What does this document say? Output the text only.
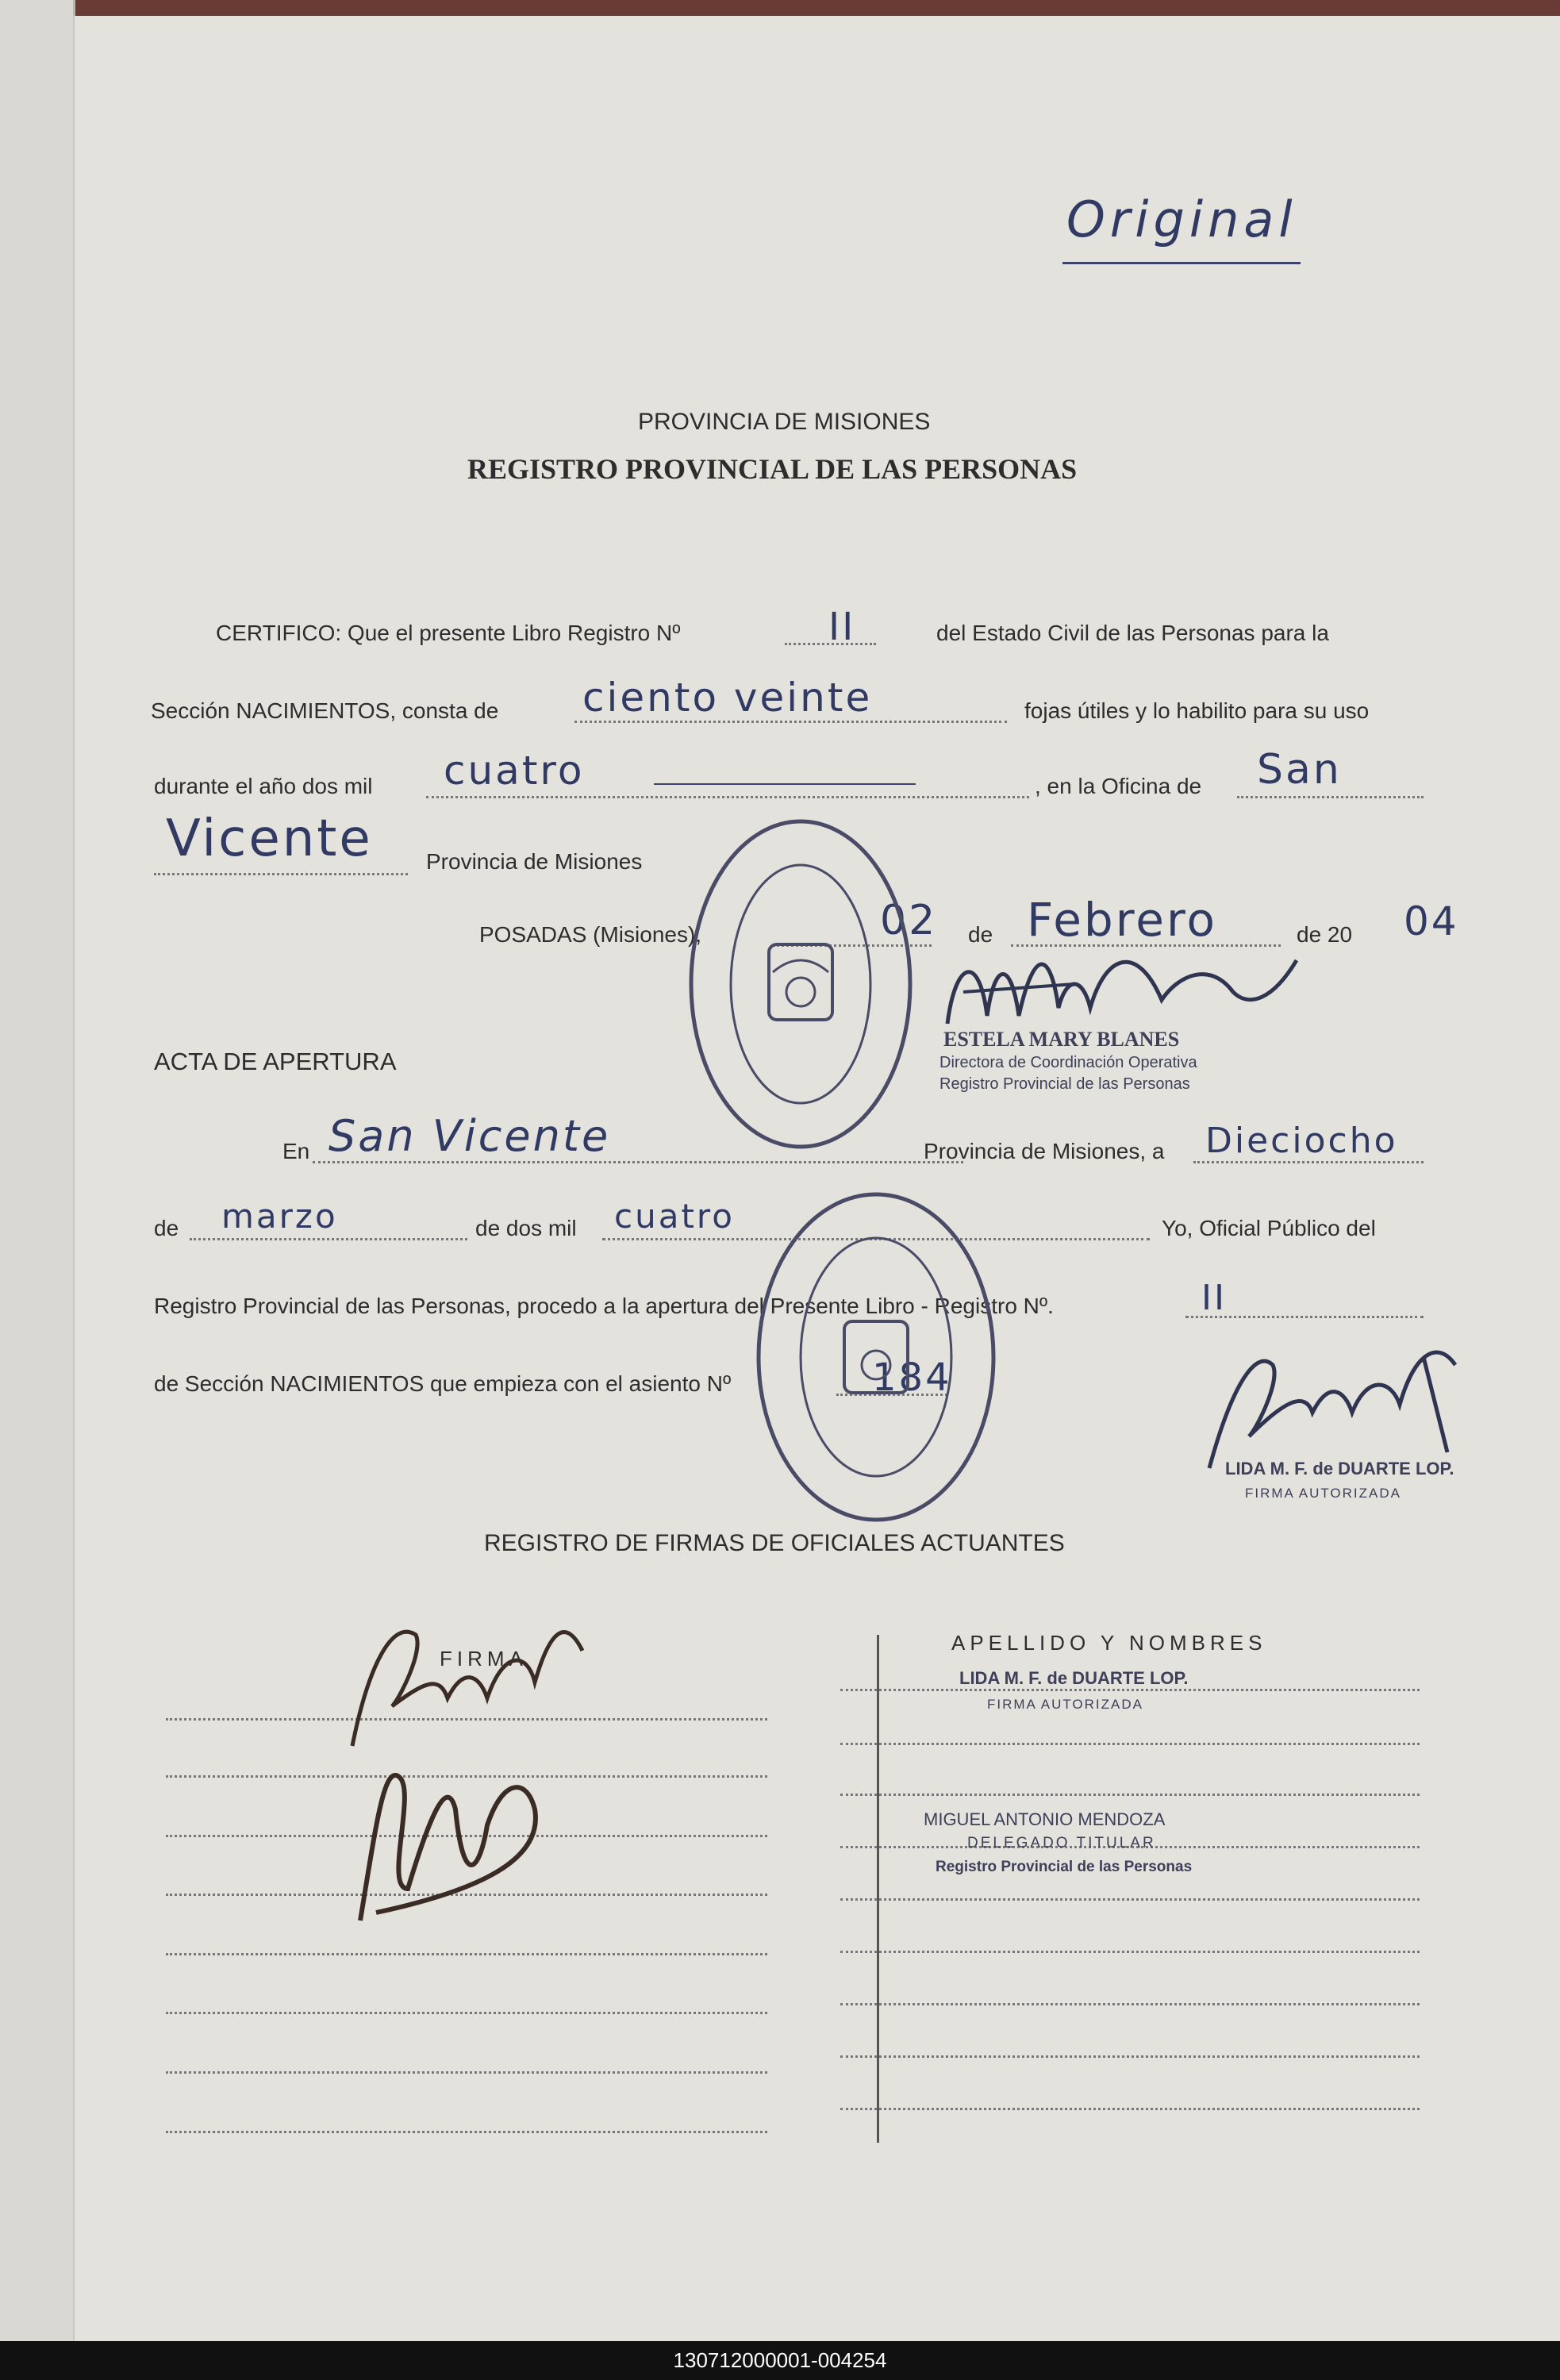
Original
PROVINCIA DE MISIONES
REGISTRO PROVINCIAL DE LAS PERSONAS
CERTIFICO: Que el presente Libro Registro Nº	II	del Estado Civil de las Personas para la
Sección NACIMIENTOS, consta de ciento veinte	fojas útiles y lo habilito para su uso
durante el año dos mil cuatro	, en la Oficina de San
Vicente Provincia de Misiones
POSADAS (Misiones),	02 de Febrero	de 20 04
ESTELA MARY BLANES
Directora de Coordinación Operativa
Registro Provincial de las Personas
ACTA DE APERTURA
En San Vicente	Provincia de Misiones, a Dieciocho
de marzo	de dos mil cuatro	Yo, Oficial Público del
Registro Provincial de las Personas, procedo a la apertura del Presente Libro - Registro Nº.	II
de Sección NACIMIENTOS que empieza con el asiento Nº	184
LIDA M. F. de DUARTE LOP.
FIRMA AUTORIZADA
REGISTRO DE FIRMAS DE OFICIALES ACTUANTES
FIRMA
APELLIDO Y NOMBRES
LIDA M. F. de DUARTE LOP.
FIRMA AUTORIZADA
MIGUEL ANTONIO MENDOZA
DELEGADO TITULAR
Registro Provincial de las Personas
130712000001-004254
